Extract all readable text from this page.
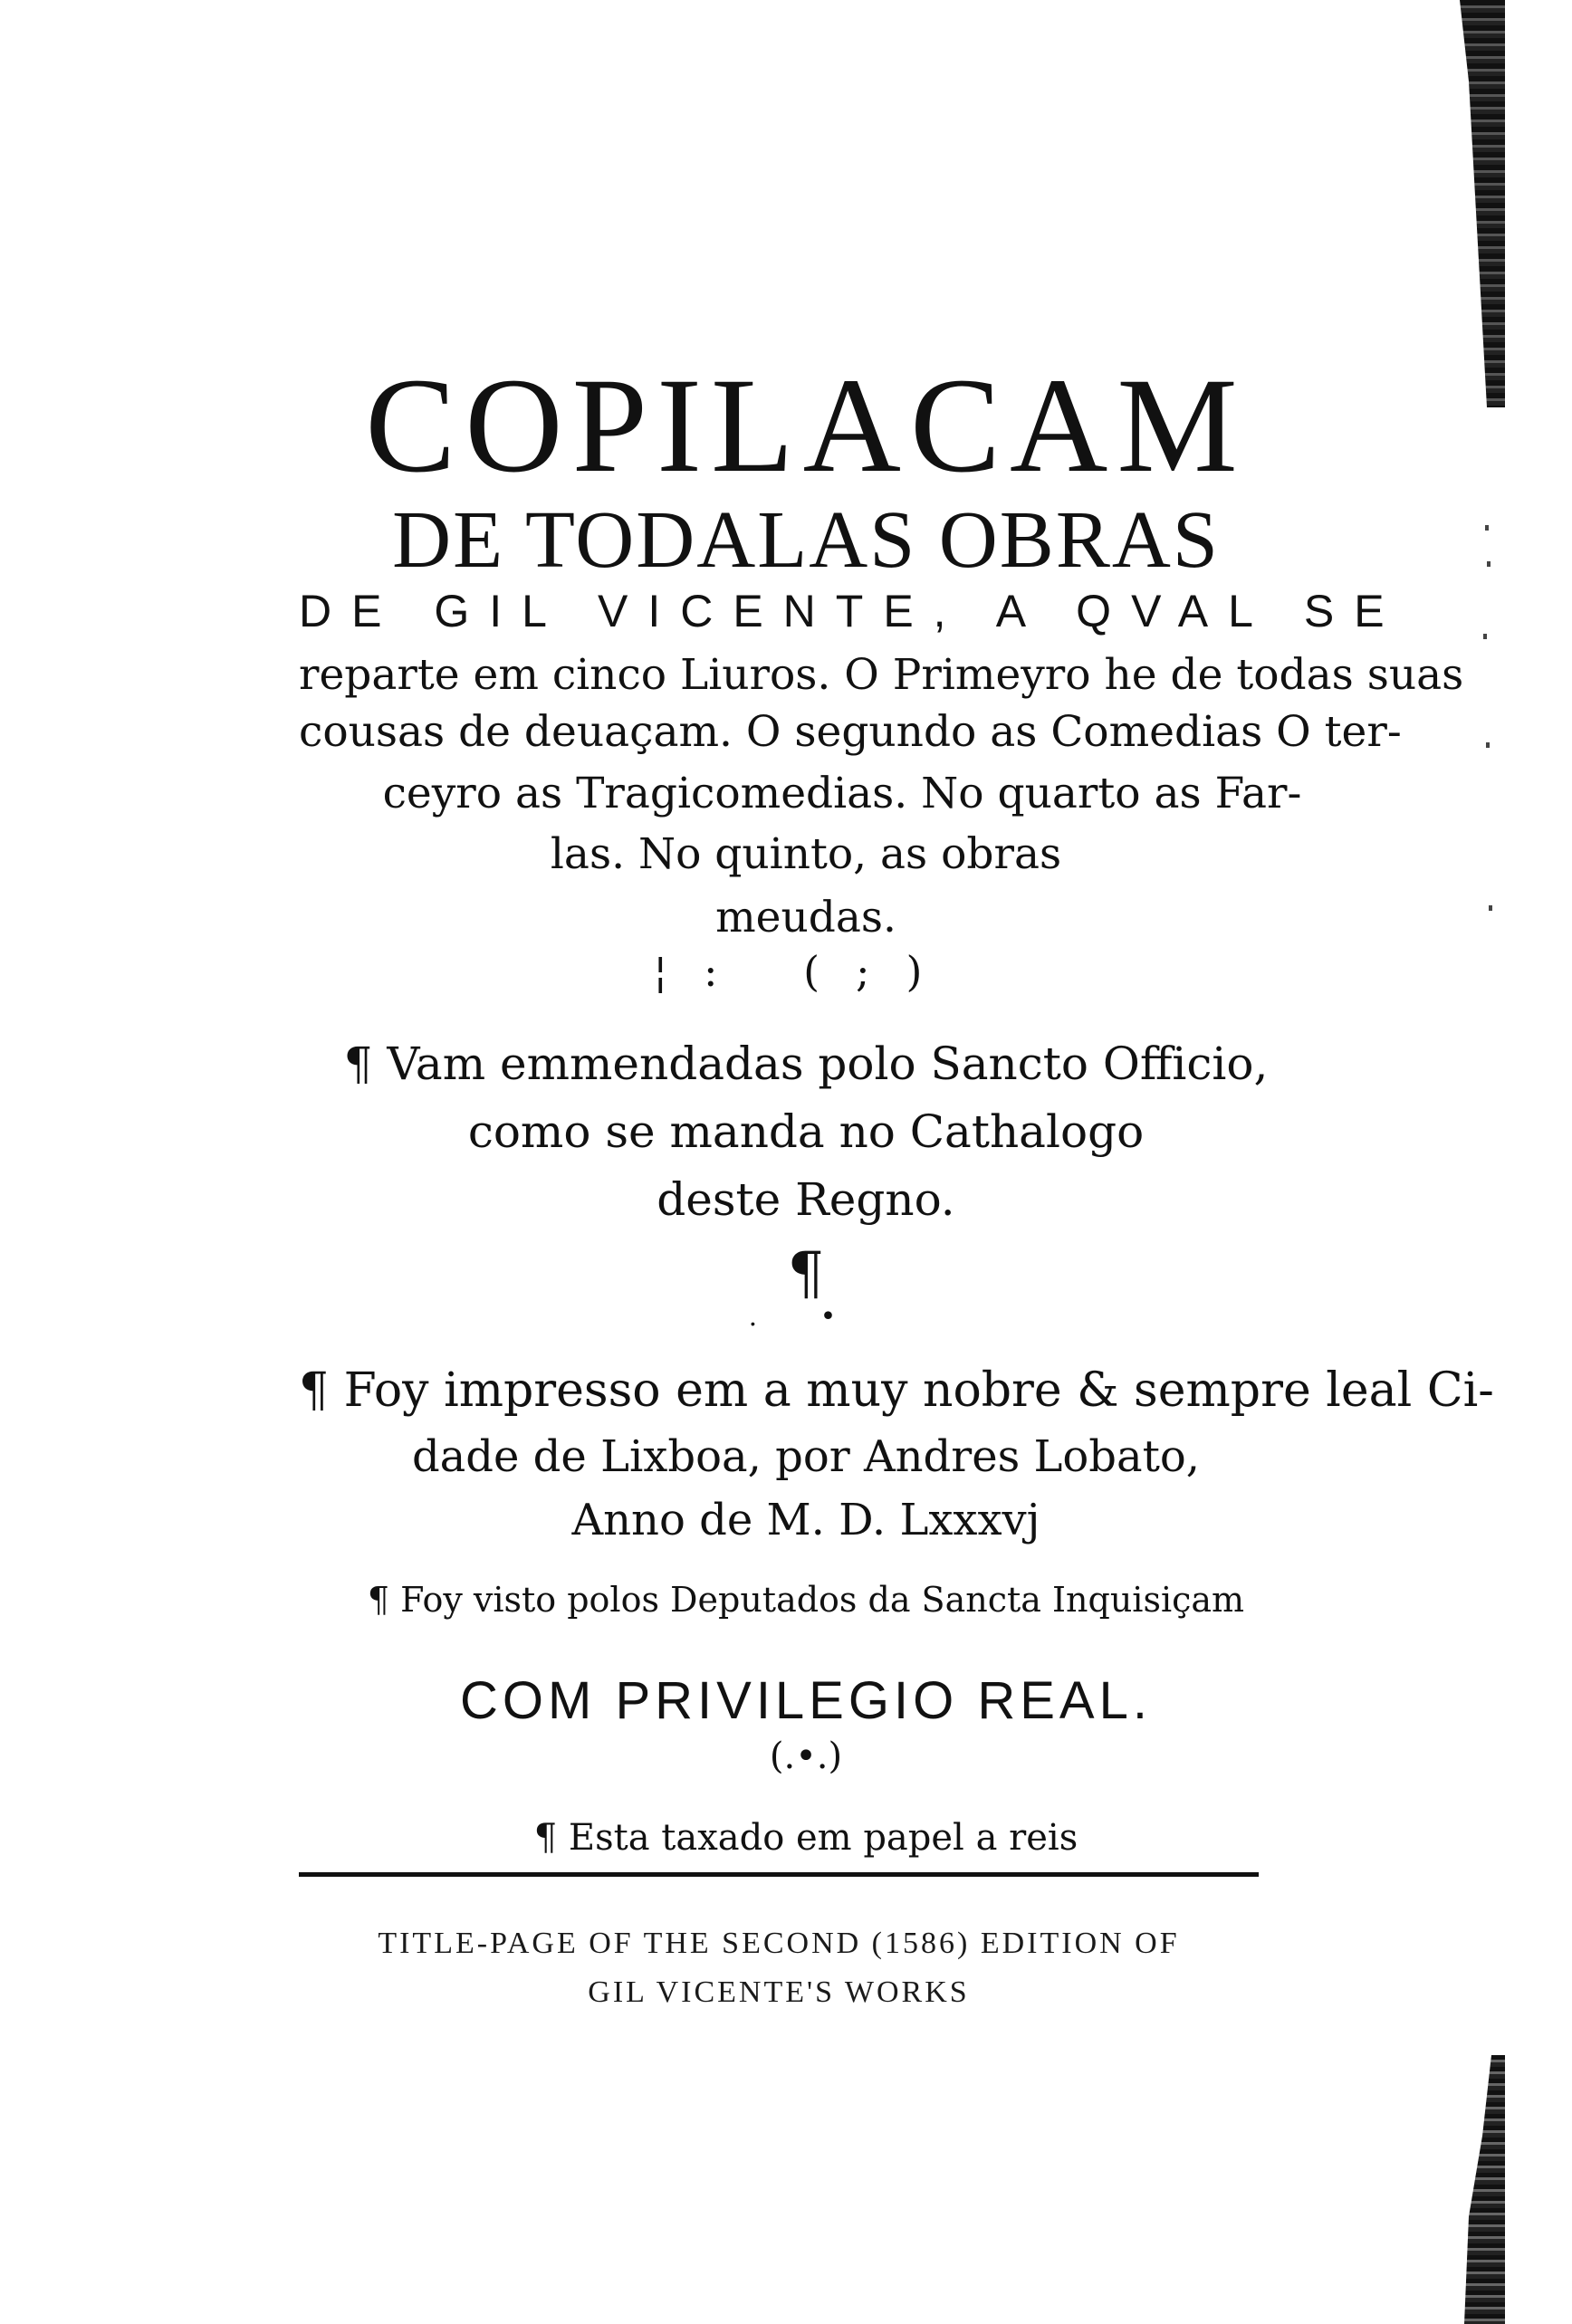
COPILACAM
DE TODALAS OBRAS
DE GIL VICENTE, A QVAL SE
reparte em cinco Liuros. O Primeyro he de todas suas
cousas de deuaçam. O segundo as Comedias O ter-
ceyro as Tragicomedias. No quarto as Far-
las. No quinto, as obras
meudas.
¦: (;)
¶ Vam emmendadas polo Sancto Officio,
como se manda no Cathalogo
deste Regno.
¶
. •
¶ Foy impresso em a muy nobre & sempre leal Ci-
dade de Lixboa, por Andres Lobato,
Anno de M. D. Lxxxvj
¶ Foy visto polos Deputados da Sancta Inquisiçam
COM PRIVILEGIO REAL.
(.•.)
¶ Esta taxado em papel a reis
TITLE-PAGE OF THE SECOND (1586) EDITION OF
GIL VICENTE'S WORKS
